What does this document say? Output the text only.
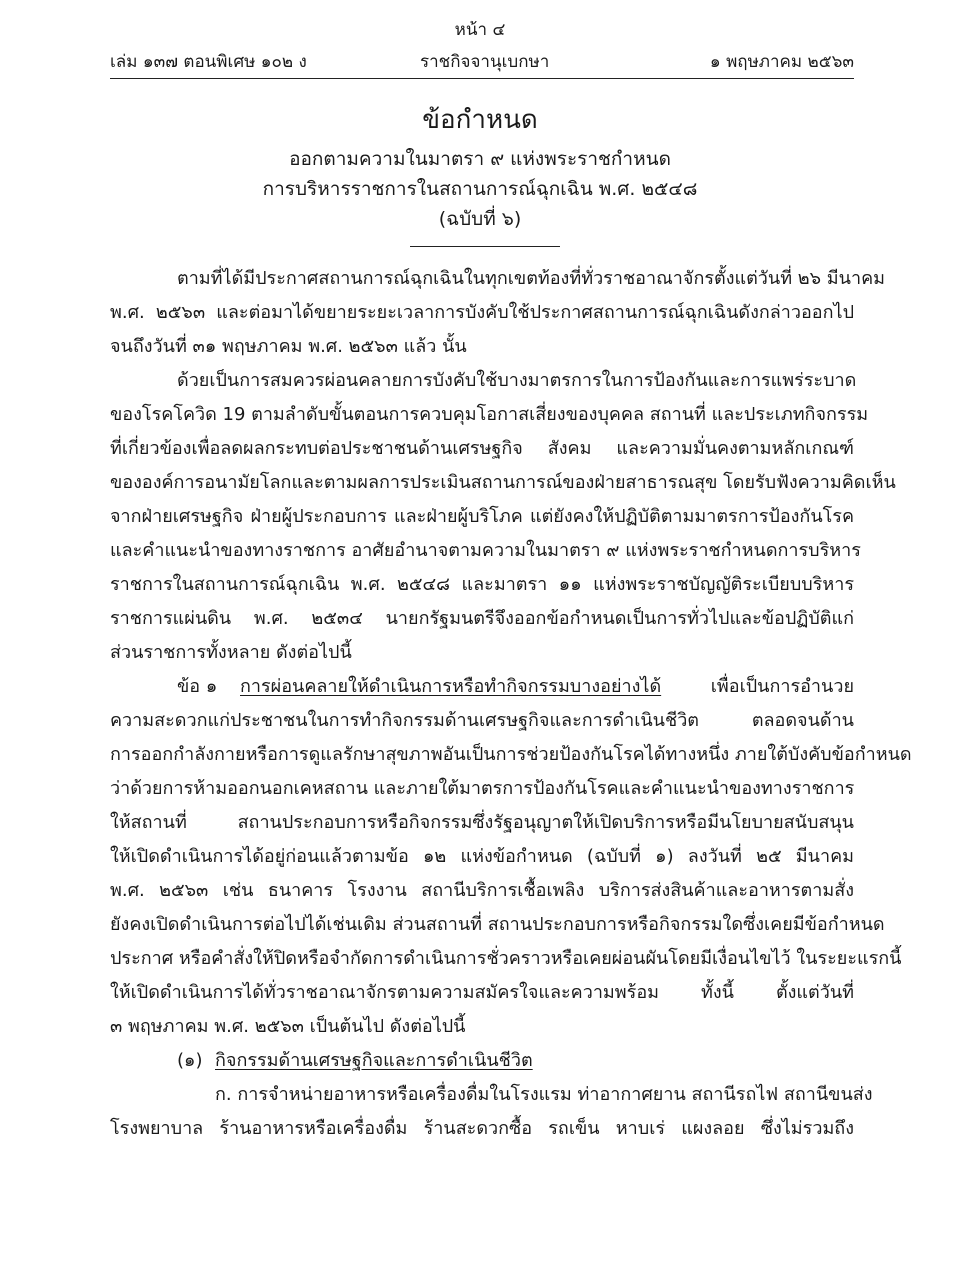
หน้า ๔
เล่ม ๑๓๗ ตอนพิเศษ ๑๐๒ ง	ราชกิจจานุเบกษา	๑ พฤษภาคม ๒๕๖๓
ข้อกำหนด
ออกตามความในมาตรา ๙ แห่งพระราชกำหนด
การบริหารราชการในสถานการณ์ฉุกเฉิน พ.ศ. ๒๕๔๘
(ฉบับที่ ๖)
ตามที่ได้มีประกาศสถานการณ์ฉุกเฉินในทุกเขตท้องที่ทั่วราชอาณาจักรตั้งแต่วันที่ ๒๖ มีนาคม
พ.ศ. ๒๕๖๓ และต่อมาได้ขยายระยะเวลาการบังคับใช้ประกาศสถานการณ์ฉุกเฉินดังกล่าวออกไป
จนถึงวันที่ ๓๑ พฤษภาคม พ.ศ. ๒๕๖๓ แล้ว นั้น
ด้วยเป็นการสมควรผ่อนคลายการบังคับใช้บางมาตรการในการป้องกันและการแพร่ระบาด
ของโรคโควิด 19 ตามลำดับขั้นตอนการควบคุมโอกาสเสี่ยงของบุคคล สถานที่ และประเภทกิจกรรม
ที่เกี่ยวข้องเพื่อลดผลกระทบต่อประชาชนด้านเศรษฐกิจ สังคม และความมั่นคงตามหลักเกณฑ์
ขององค์การอนามัยโลกและตามผลการประเมินสถานการณ์ของฝ่ายสาธารณสุข โดยรับฟังความคิดเห็น
จากฝ่ายเศรษฐกิจ ฝ่ายผู้ประกอบการ และฝ่ายผู้บริโภค แต่ยังคงให้ปฏิบัติตามมาตรการป้องกันโรค
และคำแนะนำของทางราชการ อาศัยอำนาจตามความในมาตรา ๙ แห่งพระราชกำหนดการบริหาร
ราชการในสถานการณ์ฉุกเฉิน พ.ศ. ๒๕๔๘ และมาตรา ๑๑ แห่งพระราชบัญญัติระเบียบบริหาร
ราชการแผ่นดิน พ.ศ. ๒๕๓๔ นายกรัฐมนตรีจึงออกข้อกำหนดเป็นการทั่วไปและข้อปฏิบัติแก่
ส่วนราชการทั้งหลาย ดังต่อไปนี้
ข้อ ๑ การผ่อนคลายให้ดำเนินการหรือทำกิจกรรมบางอย่างได้	เพื่อเป็นการอำนวย
ความสะดวกแก่ประชาชนในการทำกิจกรรมด้านเศรษฐกิจและการดำเนินชีวิต ตลอดจนด้าน
การออกกำลังกายหรือการดูแลรักษาสุขภาพอันเป็นการช่วยป้องกันโรคได้ทางหนึ่ง ภายใต้บังคับข้อกำหนด
ว่าด้วยการห้ามออกนอกเคหสถาน และภายใต้มาตรการป้องกันโรคและคำแนะนำของทางราชการ
ให้สถานที่ สถานประกอบการหรือกิจกรรมซึ่งรัฐอนุญาตให้เปิดบริการหรือมีนโยบายสนับสนุน
ให้เปิดดำเนินการได้อยู่ก่อนแล้วตามข้อ ๑๒ แห่งข้อกำหนด (ฉบับที่ ๑) ลงวันที่ ๒๕ มีนาคม
พ.ศ. ๒๕๖๓ เช่น ธนาคาร โรงงาน สถานีบริการเชื้อเพลิง บริการส่งสินค้าและอาหารตามสั่ง
ยังคงเปิดดำเนินการต่อไปได้เช่นเดิม ส่วนสถานที่ สถานประกอบการหรือกิจกรรมใดซึ่งเคยมีข้อกำหนด
ประกาศ หรือคำสั่งให้ปิดหรือจำกัดการดำเนินการชั่วคราวหรือเคยผ่อนผันโดยมีเงื่อนไขไว้ ในระยะแรกนี้
ให้เปิดดำเนินการได้ทั่วราชอาณาจักรตามความสมัครใจและความพร้อม ทั้งนี้ ตั้งแต่วันที่
๓ พฤษภาคม พ.ศ. ๒๕๖๓ เป็นต้นไป ดังต่อไปนี้
(๑) กิจกรรมด้านเศรษฐกิจและการดำเนินชีวิต
ก. การจำหน่ายอาหารหรือเครื่องดื่มในโรงแรม ท่าอากาศยาน สถานีรถไฟ สถานีขนส่ง
โรงพยาบาล ร้านอาหารหรือเครื่องดื่ม ร้านสะดวกซื้อ รถเข็น หาบเร่ แผงลอย ซึ่งไม่รวมถึง
